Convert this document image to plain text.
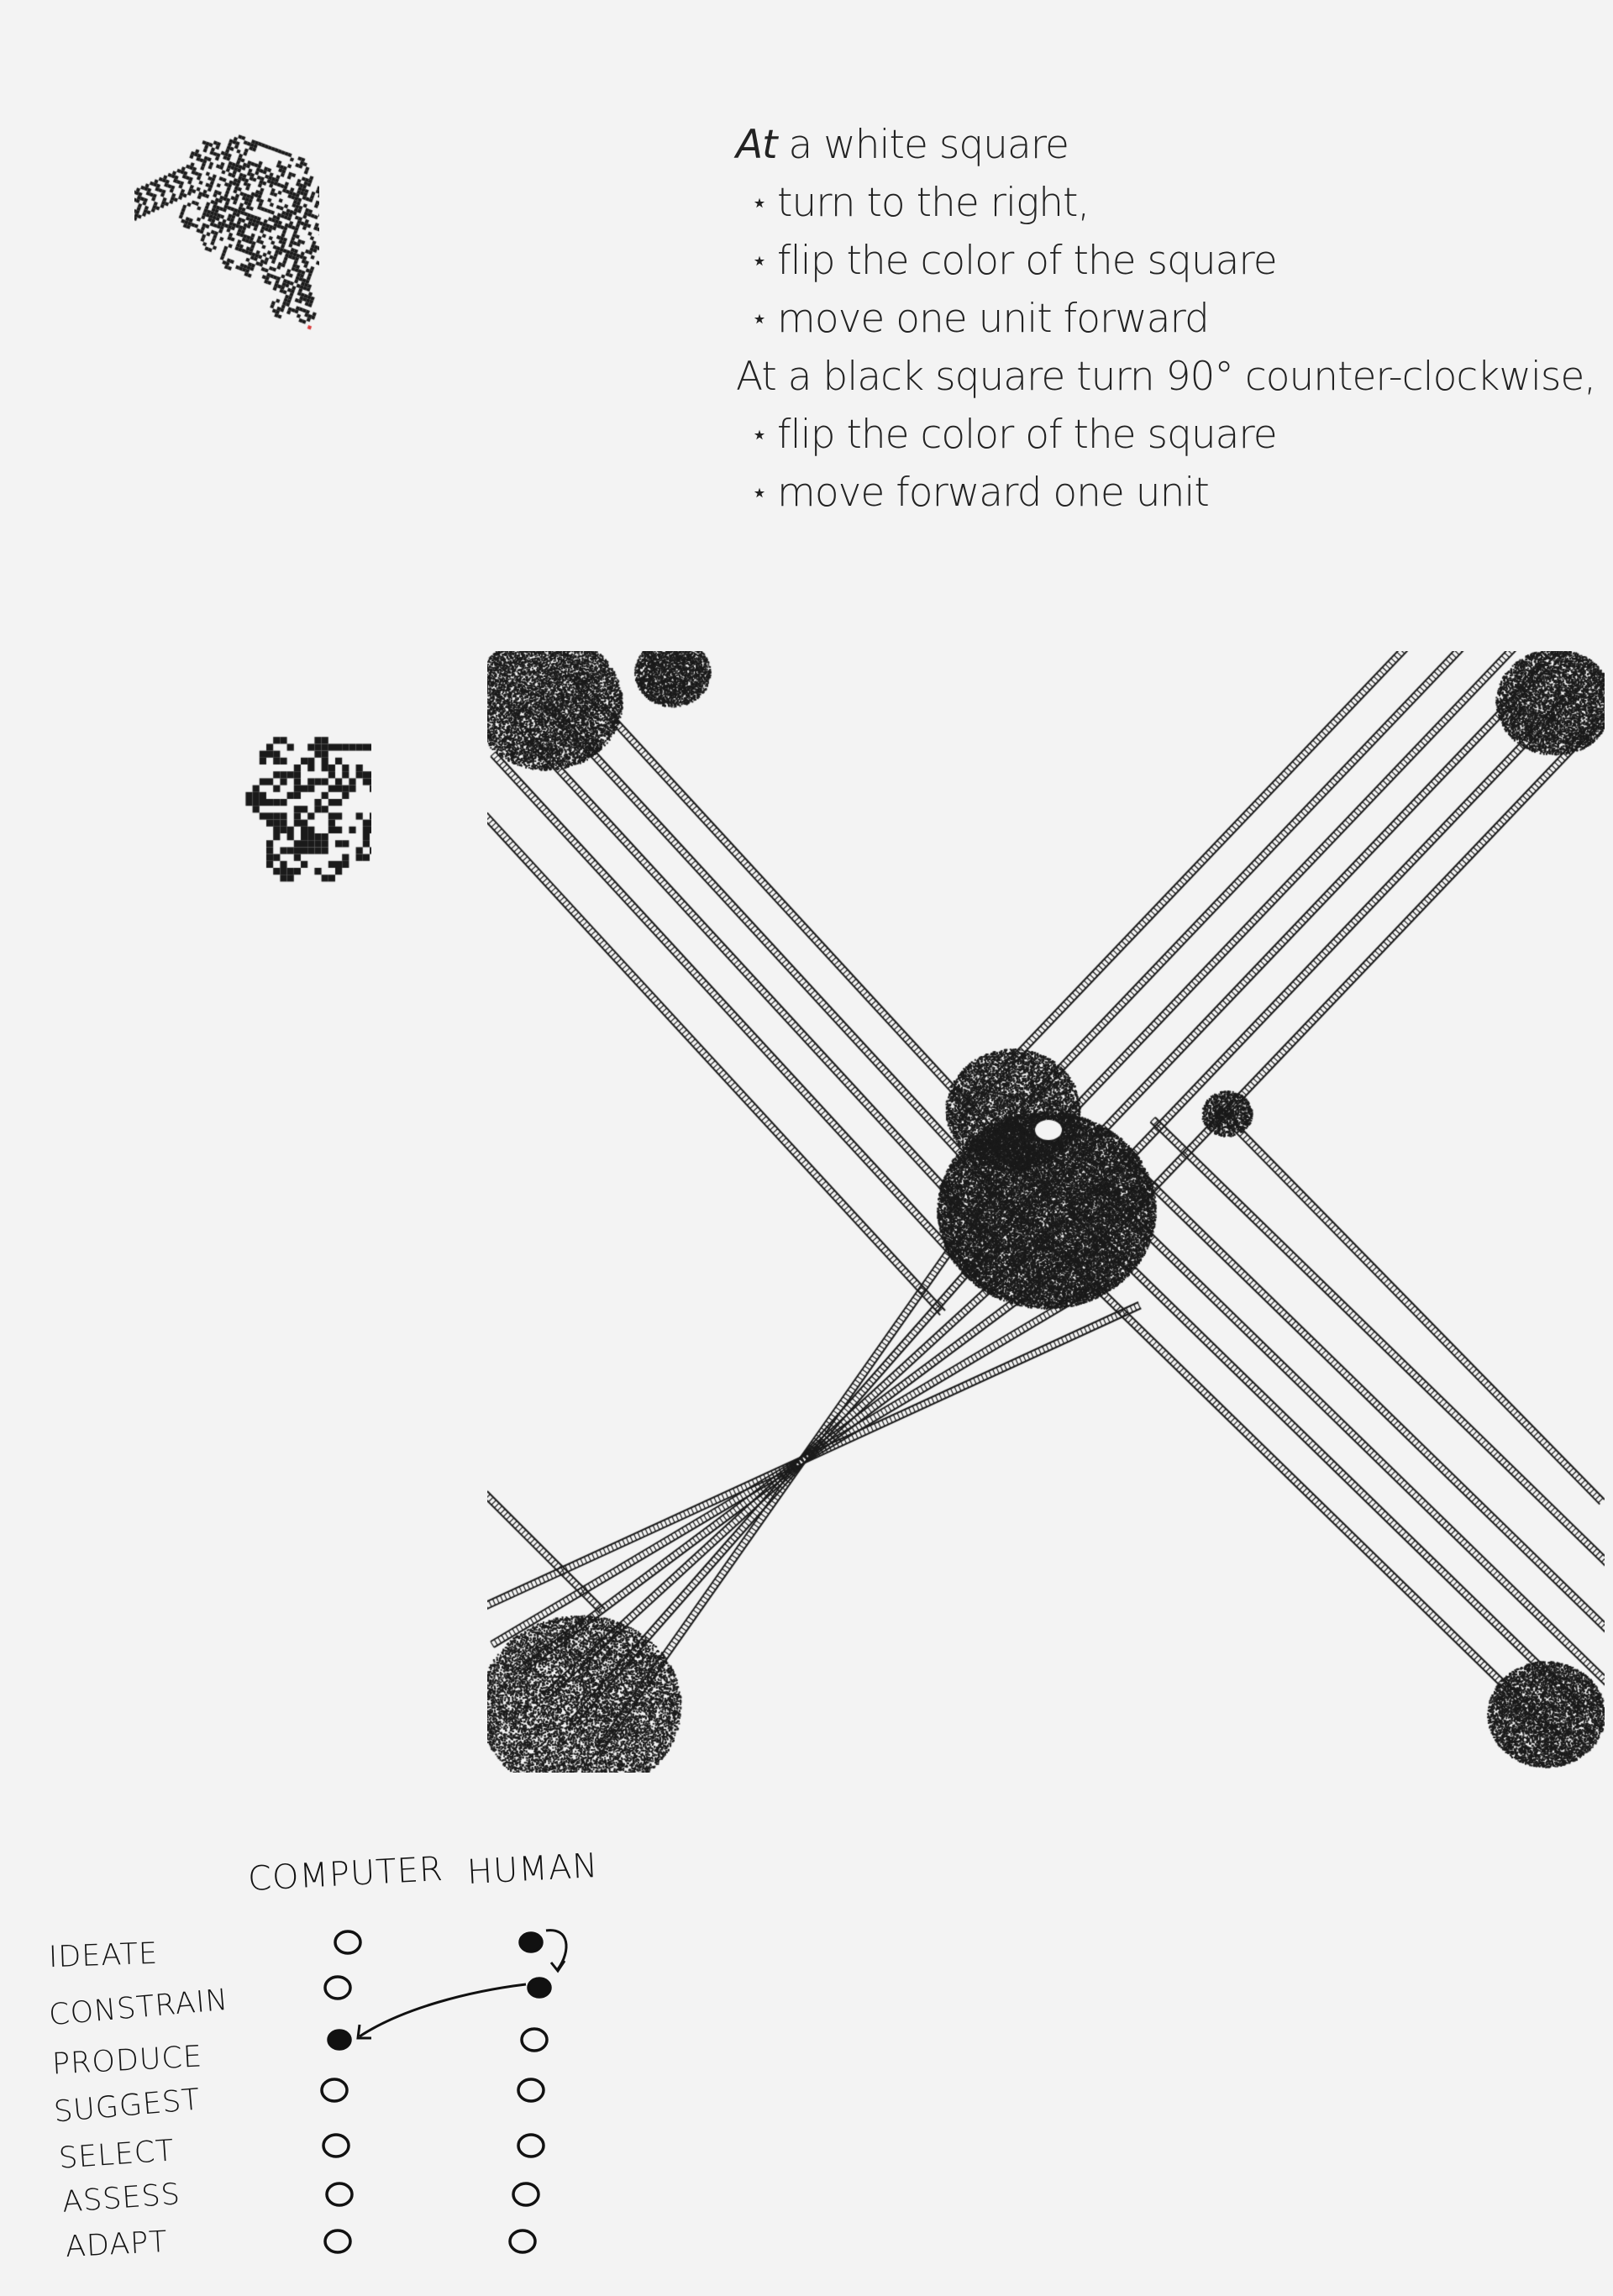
At a white square
⋆ turn to the right,
⋆ flip the color of the square
⋆ move one unit forward
At a black square turn 90° counter-clockwise,
⋆ flip the color of the square
⋆ move forward one unit
COMPUTER HUMAN
IDEATE
CONSTRAIN
PRODUCE
SUGGEST
SELECT
ASSESS
ADAPT
